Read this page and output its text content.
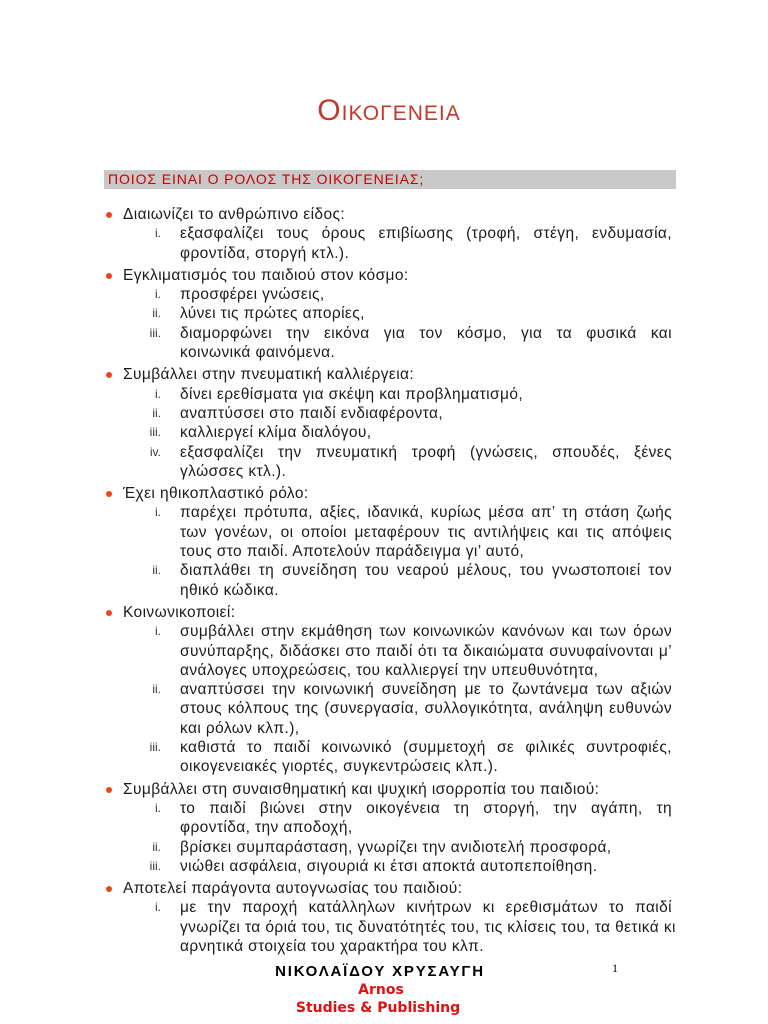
ΟΙΚΟΓΕΝΕΙΑ
ΠΟΙΟΣ ΕΙΝΑΙ Ο ΡΟΛΟΣ ΤΗΣ ΟΙΚΟΓΕΝΕΙΑΣ;
Διαιωνίζει το ανθρώπινο είδος:
i. εξασφαλίζει τους όρους επιβίωσης (τροφή, στέγη, ενδυμασία,
φροντίδα, στοργή κτλ.).
Εγκλιματισμός του παιδιού στον κόσμο:
i. προσφέρει γνώσεις,
ii. λύνει τις πρώτες απορίες,
iii. διαμορφώνει την εικόνα για τον κόσμο, για τα φυσικά και
κοινωνικά φαινόμενα.
Συμβάλλει στην πνευματική καλλιέργεια:
i. δίνει ερεθίσματα για σκέψη και προβληματισμό,
ii. αναπτύσσει στο παιδί ενδιαφέροντα,
iii. καλλιεργεί κλίμα διαλόγου,
iv. εξασφαλίζει την πνευματική τροφή (γνώσεις, σπουδές, ξένες
γλώσσες κτλ.).
Έχει ηθικοπλαστικό ρόλο:
i. παρέχει πρότυπα, αξίες, ιδανικά, κυρίως μέσα απ’ τη στάση ζωής
των γονέων, οι οποίοι μεταφέρουν τις αντιλήψεις και τις απόψεις
τους στο παιδί. Αποτελούν παράδειγμα γι’ αυτό,
ii. διαπλάθει τη συνείδηση του νεαρού μέλους, του γνωστοποιεί τον
ηθικό κώδικα.
Κοινωνικοποιεί:
i. συμβάλλει στην εκμάθηση των κοινωνικών κανόνων και των όρων
συνύπαρξης, διδάσκει στο παιδί ότι τα δικαιώματα συνυφαίνονται μ’
ανάλογες υποχρεώσεις, του καλλιεργεί την υπευθυνότητα,
ii. αναπτύσσει την κοινωνική συνείδηση με το ζωντάνεμα των αξιών
στους κόλπους της (συνεργασία, συλλογικότητα, ανάληψη ευθυνών
και ρόλων κλπ.),
iii. καθιστά το παιδί κοινωνικό (συμμετοχή σε φιλικές συντροφιές,
οικογενειακές γιορτές, συγκεντρώσεις κλπ.).
Συμβάλλει στη συναισθηματική και ψυχική ισορροπία του παιδιού:
i. το παιδί βιώνει στην οικογένεια τη στοργή, την αγάπη, τη
φροντίδα, την αποδοχή,
ii. βρίσκει συμπαράσταση, γνωρίζει την ανιδιοτελή προσφορά,
iii. νιώθει ασφάλεια, σιγουριά κι έτσι αποκτά αυτοπεποίθηση.
Αποτελεί παράγοντα αυτογνωσίας του παιδιού:
i. με την παροχή κατάλληλων κινήτρων κι ερεθισμάτων το παιδί
γνωρίζει τα όριά του, τις δυνατότητές του, τις κλίσεις του, τα θετικά κι
αρνητικά στοιχεία του χαρακτήρα του κλπ.
ΝΙΚΟΛΑΪΔΟΥ ΧΡΥΣΑΥΓΗ	1
Arnos
Studies & Publishing
